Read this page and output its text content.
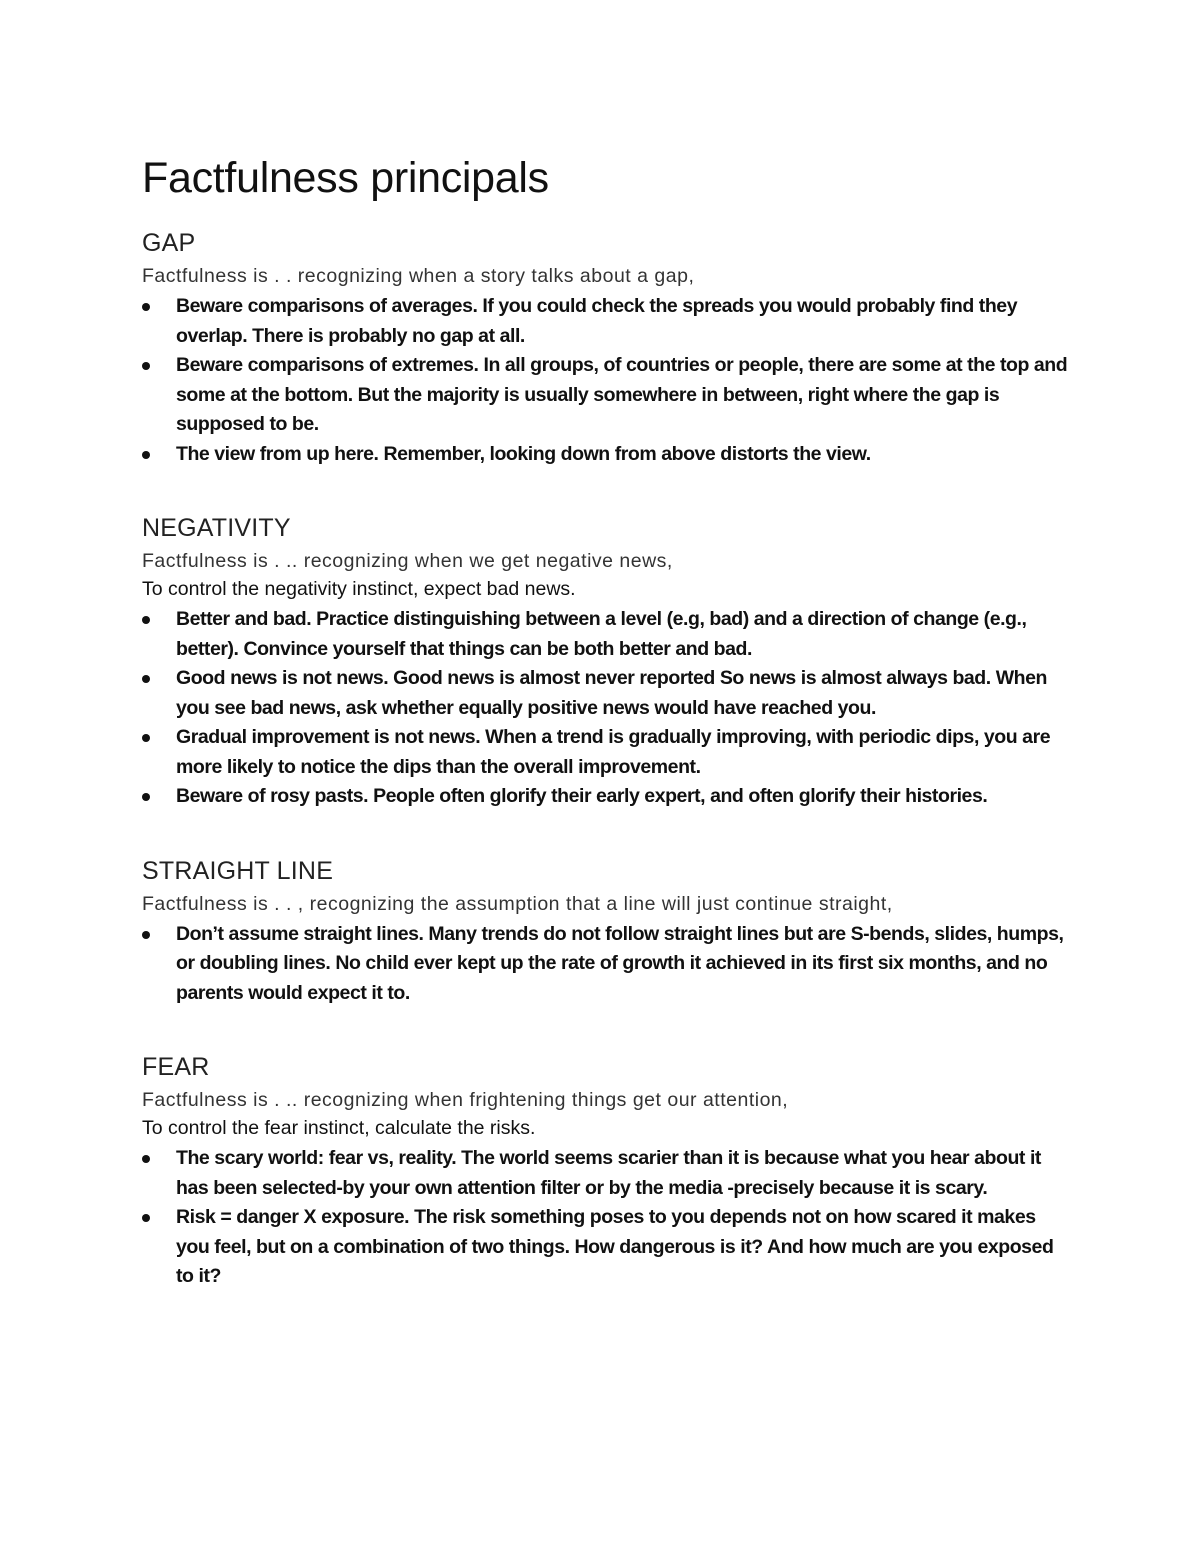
Factfulness principals
GAP

Factfulness is . . recognizing when a story talks about a gap,

Beware comparisons of averages. If you could check the spreads you would probably find they overlap. There is probably no gap at all.
Beware comparisons of extremes. In all groups, of countries or people, there are some at the top and some at the bottom. But the majority is usually somewhere in between, right where the gap is supposed to be.
The view from up here. Remember, looking down from above distorts the view.
NEGATIVITY

Factfulness is . .. recognizing when we get negative news,

To control the negativity instinct, expect bad news.

Better and bad. Practice distinguishing between a level (e.g, bad) and a direction of change (e.g., better). Convince yourself that things can be both better and bad.
Good news is not news. Good news is almost never reported So news is almost always bad. When you see bad news, ask whether equally positive news would have reached you.
Gradual improvement is not news. When a trend is gradually improving, with periodic dips, you are more likely to notice the dips than the overall improvement.
Beware of rosy pasts. People often glorify their early expert, and often glorify their histories.
STRAIGHT LINE

Factfulness is . . , recognizing the assumption that a line will just continue straight,

Don’t assume straight lines. Many trends do not follow straight lines but are S-bends, slides, humps, or doubling lines. No child ever kept up the rate of growth it achieved in its first six months, and no parents would expect it to.
FEAR

Factfulness is . .. recognizing when frightening things get our attention,

To control the fear instinct, calculate the risks.

The scary world: fear vs, reality. The world seems scarier than it is because what you hear about it has been selected-by your own attention filter or by the media -precisely because it is scary.
Risk = danger X exposure. The risk something poses to you depends not on how scared it makes you feel, but on a combination of two things. How dangerous is it? And how much are you exposed to it?
